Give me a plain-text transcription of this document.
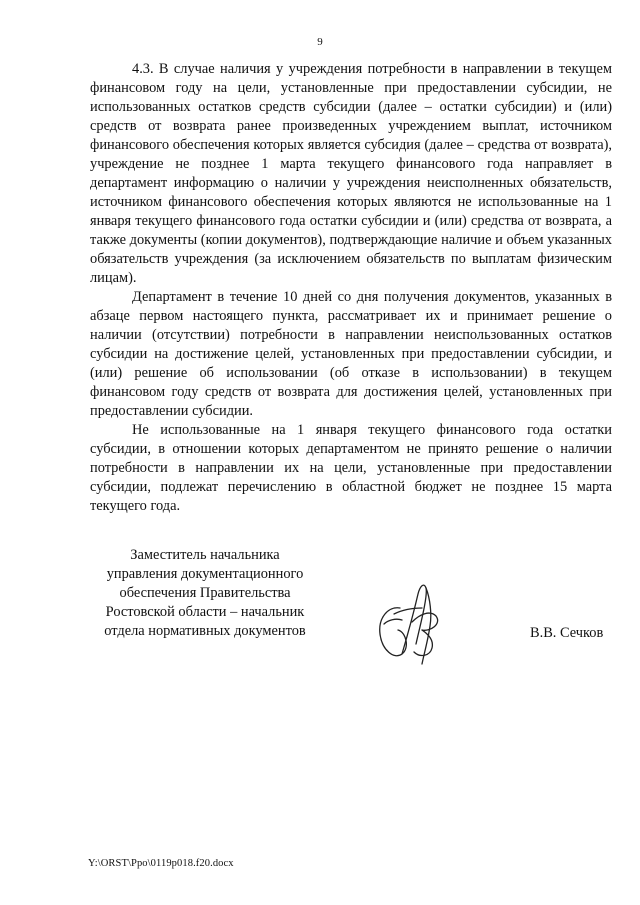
9

4.3. В случае наличия у учреждения потребности в направлении в текущем финансовом году на цели, установленные при предоставлении субсидии, не использованных остатков средств субсидии (далее – остатки субсидии) и (или) средств от возврата ранее произведенных учреждением выплат, источником финансового обеспечения которых является субсидия (далее – средства от возврата), учреждение не позднее 1 марта текущего финансового года направляет в департамент информацию о наличии у учреждения неисполненных обязательств, источником финансового обеспечения которых являются не использованные на 1 января текущего финансового года остатки субсидии и (или) средства от возврата, а также документы (копии документов), подтверждающие наличие и объем указанных обязательств учреждения (за исключением обязательств по выплатам физическим лицам).

Департамент в течение 10 дней со дня получения документов, указанных в абзаце первом настоящего пункта, рассматривает их и принимает решение о наличии (отсутствии) потребности в направлении неиспользованных остатков субсидии на достижение целей, установленных при предоставлении субсидии, и (или) решение об использовании (об отказе в использовании) в текущем финансовом году средств от возврата для достижения целей, установленных при предоставлении субсидии.

Не использованные на 1 января текущего финансового года остатки субсидии, в отношении которых департаментом не принято решение о наличии потребности в направлении их на цели, установленные при предоставлении субсидии, подлежат перечислению в областной бюджет не позднее 15 марта текущего года.

Заместитель начальника
управления документационного
обеспечения Правительства
Ростовской области – начальник
отдела нормативных документов	В.В. Сечков
Y:\ORST\Ppo\0119p018.f20.docx
